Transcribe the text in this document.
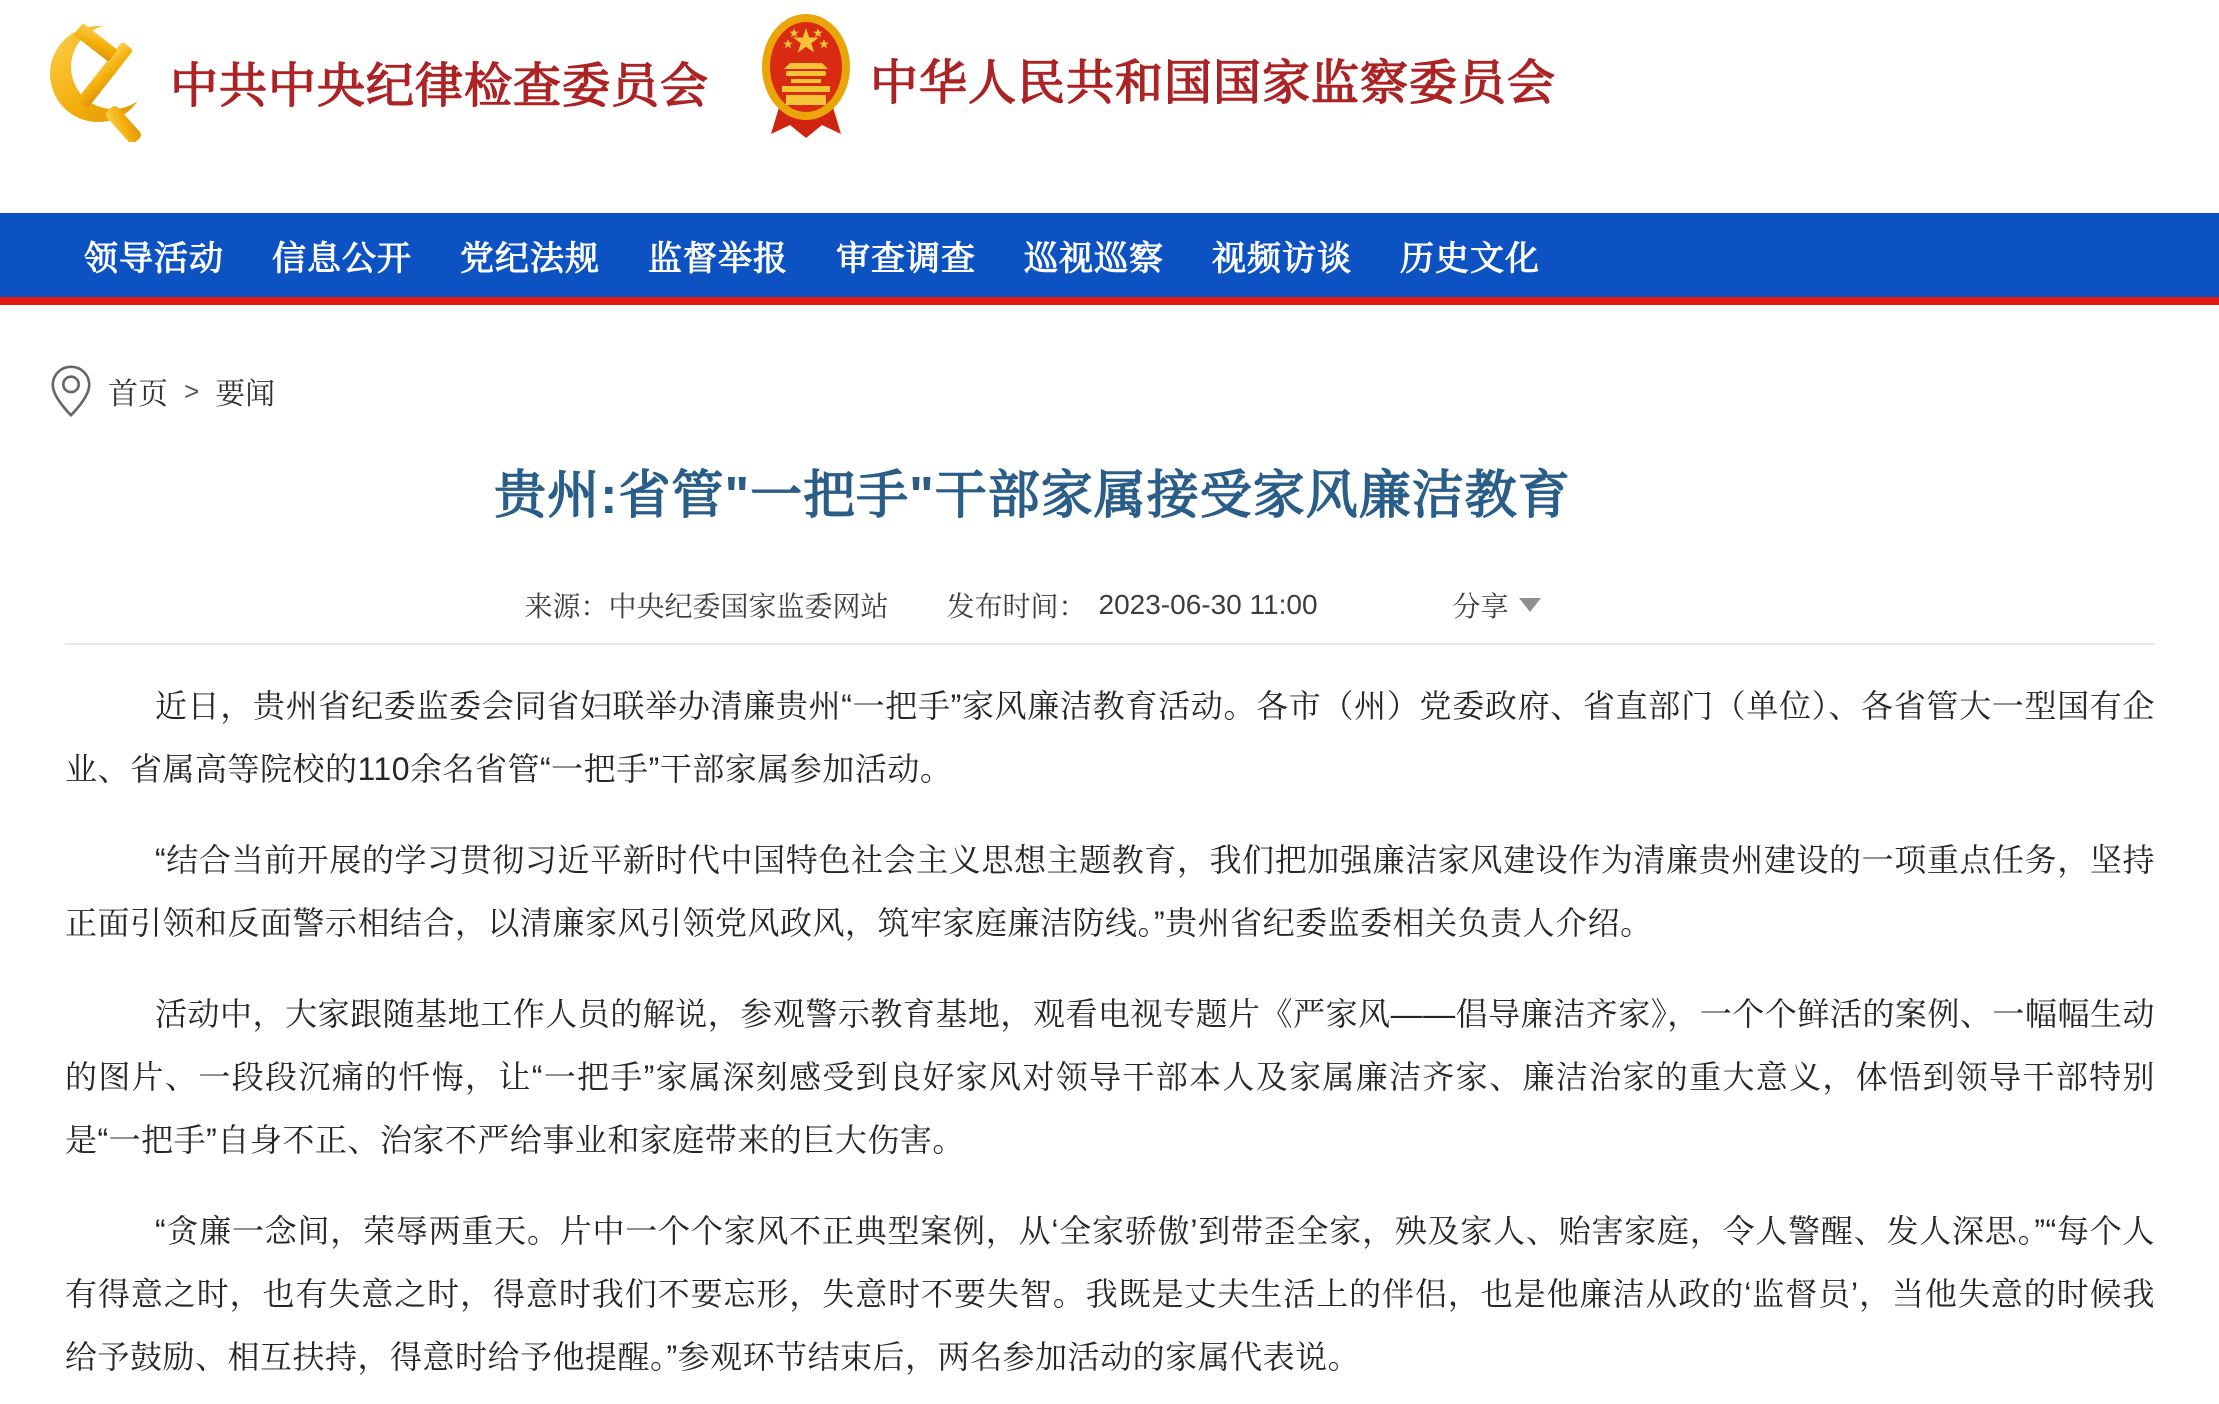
中共中央纪律检查委员会	中华人民共和国国家监察委员会
领导活动 信息公开 党纪法规 监督举报 审查调查 巡视巡察 视频访谈 历史文化
首页 > 要闻
贵州:省管"一把手"干部家属接受家风廉洁教育
来源： 中央纪委国家监委网站 发布时间： 2023-06-30 11:00	分享

近日，贵州省纪委监委会同省妇联举办清廉贵州“一把手”家风廉洁教育活动。各市（州）党委政府、省直部门（单位）、各省管大一型国有企业、省属高等院校的110余名省管“一把手”干部家属参加活动。

“结合当前开展的学习贯彻习近平新时代中国特色社会主义思想主题教育，我们把加强廉洁家风建设作为清廉贵州建设的一项重点任务，坚持正面引领和反面警示相结合，以清廉家风引领党风政风，筑牢家庭廉洁防线。”贵州省纪委监委相关负责人介绍。

活动中，大家跟随基地工作人员的解说，参观警示教育基地，观看电视专题片《严家风——倡导廉洁齐家》，一个个鲜活的案例、一幅幅生动的图片、一段段沉痛的忏悔，让“一把手”家属深刻感受到良好家风对领导干部本人及家属廉洁齐家、廉洁治家的重大意义，体悟到领导干部特别是“一把手”自身不正、治家不严给事业和家庭带来的巨大伤害。

“贪廉一念间，荣辱两重天。片中一个个家风不正典型案例，从‘全家骄傲’到带歪全家，殃及家人、贻害家庭，令人警醒、发人深思。”“每个人有得意之时，也有失意之时，得意时我们不要忘形，失意时不要失智。我既是丈夫生活上的伴侣，也是他廉洁从政的‘监督员’，当他失意的时候我给予鼓励、相互扶持，得意时给予他提醒。”参观环节结束后，两名参加活动的家属代表说。
